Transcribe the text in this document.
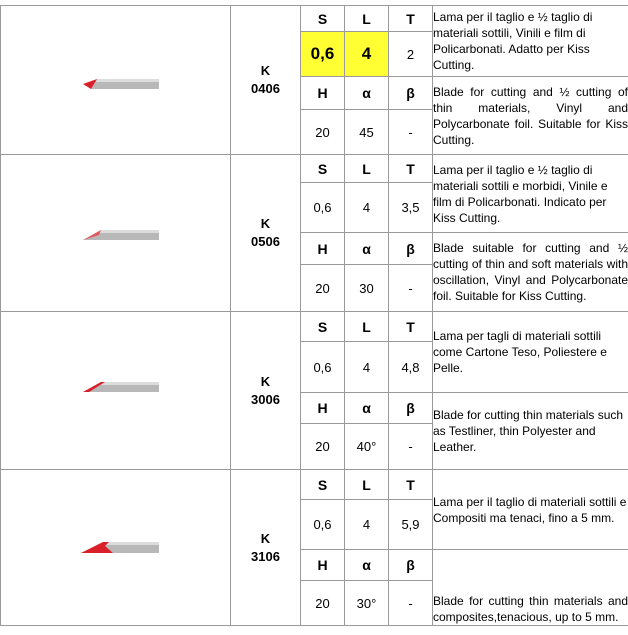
K
0406	S	L	T	Lama per il taglio e ½ taglio di materiali sottili, Vinili e film di Policarbonati. Adatto per Kiss Cutting.
		0,6	4	2	
		H	α	β	Blade for cutting and ½ cutting of thin materials, Vinyl and Polycarbonate foil. Suitable for Kiss Cutting.
		20	45	-	

K
0506	S	L	T	Lama per il taglio e ½ taglio di materiali sottili e morbidi, Vinile e film di Policarbonati. Indicato per Kiss Cutting.
		0,6	4	3,5	
		H	α	β	Blade suitable for cutting and ½ cutting of thin and soft materials with oscillation, Vinyl and Polycarbonate foil. Suitable for Kiss Cutting.
		20	30	-	

K
3006	S	L	T	Lama per tagli di materiali sottili come Cartone Teso, Poliestere e Pelle.
		0,6	4	4,8	
		H	α	β	Blade for cutting thin materials such as Testliner, thin Polyester and Leather.
		20	40°	-	

K
3106	S	L	T	Lama per il taglio di materiali sottili e Compositi ma tenaci, fino a 5 mm.
		0,6	4	5,9	
		H	α	β	Blade for cutting thin materials and composites,tenacious, up to 5 mm.
		20	30°	-	
